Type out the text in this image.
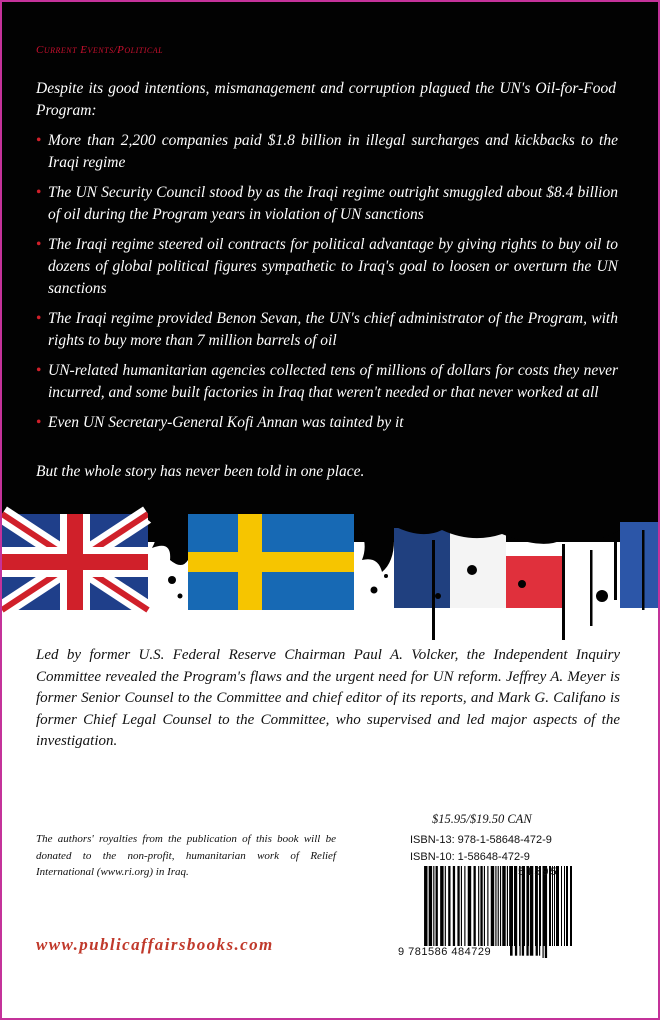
Current Events/Political

Despite its good intentions, mismanagement and corruption plagued the UN's Oil-for-Food Program:

• More than 2,200 companies paid $1.8 billion in illegal surcharges and kickbacks to the Iraqi regime
• The UN Security Council stood by as the Iraqi regime outright smuggled about $8.4 billion of oil during the Program years in violation of UN sanctions
• The Iraqi regime steered oil contracts for political advantage by giving rights to buy oil to dozens of global political figures sympathetic to Iraq's goal to loosen or overturn the UN sanctions
• The Iraqi regime provided Benon Sevan, the UN's chief administrator of the Program, with rights to buy more than 7 million barrels of oil
• UN-related humanitarian agencies collected tens of millions of dollars for costs they never incurred, and some built factories in Iraq that weren't needed or that never worked at all
• Even UN Secretary-General Kofi Annan was tainted by it

But the whole story has never been told in one place.

Led by former U.S. Federal Reserve Chairman Paul A. Volcker, the Independent Inquiry Committee revealed the Program's flaws and the urgent need for UN reform. Jeffrey A. Meyer is former Senior Counsel to the Committee and chief editor of its reports, and Mark G. Califano is former Chief Legal Counsel to the Committee, who supervised and led major aspects of the investigation.

The authors' royalties from the publication of this book will be donated to the non-profit, humanitarian work of Relief International (www.ri.org) in Iraq.

www.publicaffairsbooks.com
$15.95/$19.50 CAN
ISBN-13: 978-1-58648-472-9
ISBN-10: 1-58648-472-9
9 781586 484729
51595
